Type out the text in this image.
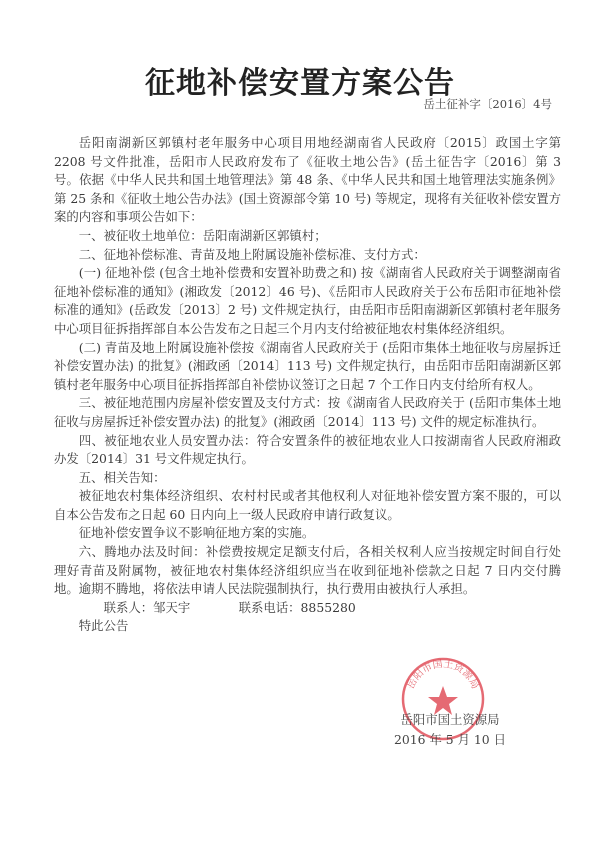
征地补偿安置方案公告
岳土征补字〔2016〕4号

岳阳南湖新区郭镇村老年服务中心项目用地经湖南省人民政府〔2015〕政国土字第 2208 号文件批准，岳阳市人民政府发布了《征收土地公告》(岳土征告字〔2016〕第 3 号。依据《中华人民共和国土地管理法》第 48 条、《中华人民共和国土地管理法实施条例》第 25 条和《征收土地公告办法》(国土资源部令第 10 号) 等规定，现将有关征收补偿安置方案的内容和事项公告如下：

一、被征收土地单位：岳阳南湖新区郭镇村；

二、征地补偿标准、青苗及地上附属设施补偿标准、支付方式：

(一) 征地补偿 (包含土地补偿费和安置补助费之和) 按《湖南省人民政府关于调整湖南省征地补偿标准的通知》(湘政发〔2012〕46 号)、《岳阳市人民政府关于公布岳阳市征地补偿标准的通知》(岳政发〔2013〕2 号) 文件规定执行，由岳阳市岳阳南湖新区郭镇村老年服务中心项目征拆指挥部自本公告发布之日起三个月内支付给被征地农村集体经济组织。

(二) 青苗及地上附属设施补偿按《湖南省人民政府关于 (岳阳市集体土地征收与房屋拆迁补偿安置办法) 的批复》(湘政函〔2014〕113 号) 文件规定执行，由岳阳市岳阳南湖新区郭镇村老年服务中心项目征拆指挥部自补偿协议签订之日起 7 个工作日内支付给所有权人。

三、被征地范围内房屋补偿安置及支付方式：按《湖南省人民政府关于 (岳阳市集体土地征收与房屋拆迁补偿安置办法) 的批复》(湘政函〔2014〕113 号) 文件的规定标准执行。

四、被征地农业人员安置办法：符合安置条件的被征地农业人口按湖南省人民政府湘政办发〔2014〕31 号文件规定执行。

五、相关告知：

被征地农村集体经济组织、农村村民或者其他权利人对征地补偿安置方案不服的，可以自本公告发布之日起 60 日内向上一级人民政府申请行政复议。

征地补偿安置争议不影响征地方案的实施。

六、腾地办法及时间：补偿费按规定足额支付后，各相关权利人应当按规定时间自行处理好青苗及附属物，被征地农村集体经济组织应当在收到征地补偿款之日起 7 日内交付腾地。逾期不腾地，将依法申请人民法院强制执行，执行费用由被执行人承担。

联系人：邹天宇	联系电话：8855280

特此公告

岳阳市国土资源局
岳阳市国土资源局
2016 年 5 月 10 日
